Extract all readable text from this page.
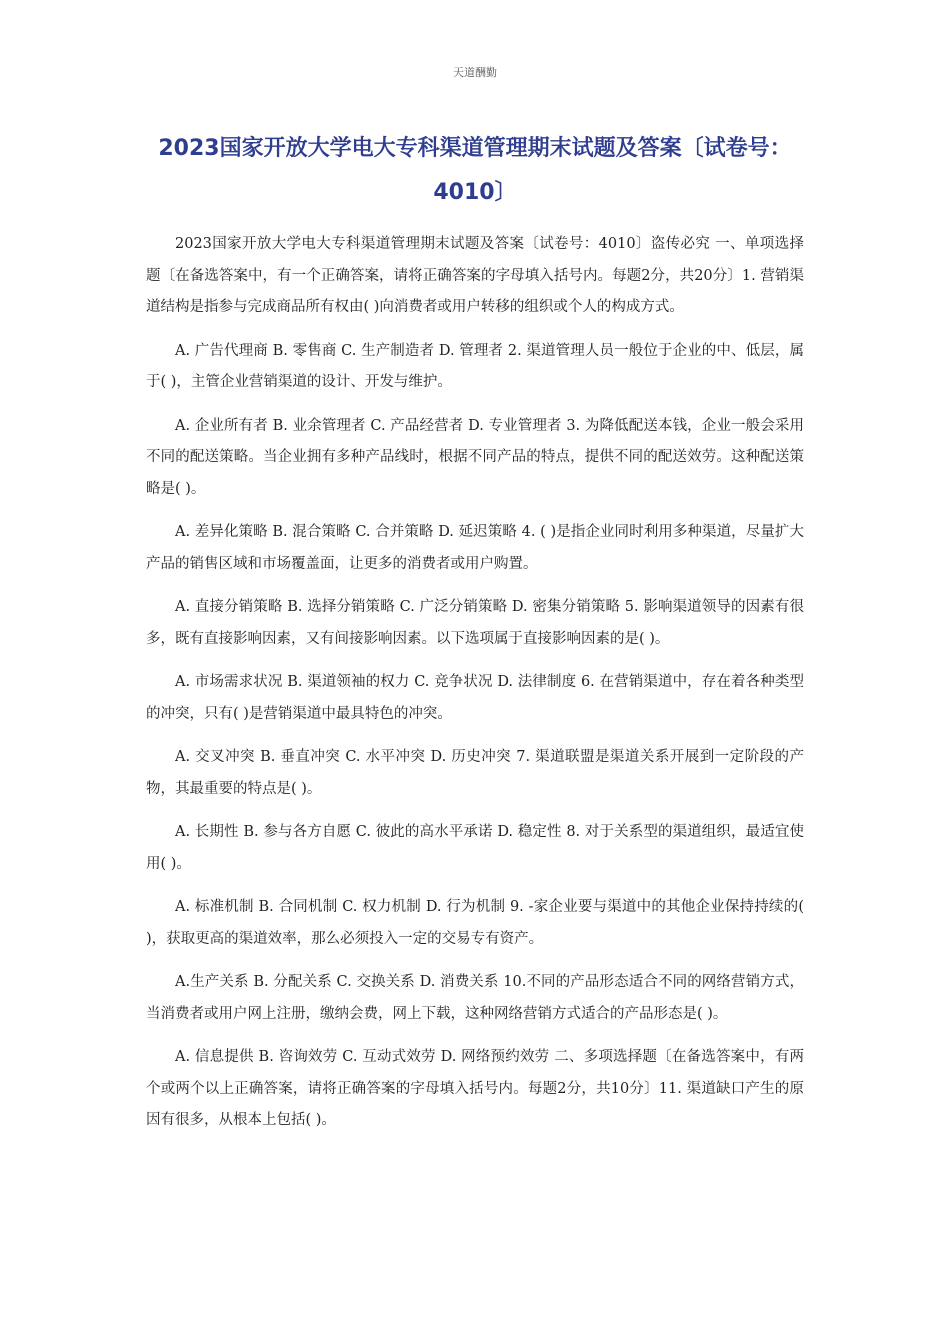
天道酬勤
2023国家开放大学电大专科渠道管理期末试题及答案〔试卷号：4010〕

2023国家开放大学电大专科渠道管理期末试题及答案〔试卷号：4010〕盗传必究 一、单项选择题〔在备选答案中，有一个正确答案，请将正确答案的字母填入括号内。每题2分，共20分〕1. 营销渠道结构是指参与完成商品所有权由( )向消费者或用户转移的组织或个人的构成方式。

A. 广告代理商 B. 零售商 C. 生产制造者 D. 管理者 2. 渠道管理人员一般位于企业的中、低层，属于( )，主管企业营销渠道的设计、开发与维护。

A. 企业所有者 B. 业余管理者 C. 产品经营者 D. 专业管理者 3. 为降低配送本钱，企业一般会采用不同的配送策略。当企业拥有多种产品线时，根据不同产品的特点，提供不同的配送效劳。这种配送策略是( )。

A. 差异化策略 B. 混合策略 C. 合并策略 D. 延迟策略 4. ( )是指企业同时利用多种渠道，尽量扩大产品的销售区域和市场覆盖面，让更多的消费者或用户购置。

A. 直接分销策略 B. 选择分销策略 C. 广泛分销策略 D. 密集分销策略 5. 影响渠道领导的因素有很多，既有直接影响因素，又有间接影响因素。以下选项属于直接影响因素的是( )。

A. 市场需求状况 B. 渠道领袖的权力 C. 竞争状况 D. 法律制度 6. 在营销渠道中，存在着各种类型的冲突，只有( )是营销渠道中最具特色的冲突。

A. 交叉冲突 B. 垂直冲突 C. 水平冲突 D. 历史冲突 7. 渠道联盟是渠道关系开展到一定阶段的产物，其最重要的特点是( )。

A. 长期性 B. 参与各方自愿 C. 彼此的高水平承诺 D. 稳定性 8. 对于关系型的渠道组织，最适宜使用( )。

A. 标准机制 B. 合同机制 C. 权力机制 D. 行为机制 9. -家企业要与渠道中的其他企业保持持续的( )，获取更高的渠道效率，那么必须投入一定的交易专有资产。

A.生产关系 B. 分配关系 C. 交换关系 D. 消费关系 10.不同的产品形态适合不同的网络营销方式，当消费者或用户网上注册，缴纳会费，网上下载，这种网络营销方式适合的产品形态是( )。

A. 信息提供 B. 咨询效劳 C. 互动式效劳 D. 网络预约效劳 二、多项选择题〔在备选答案中，有两个或两个以上正确答案，请将正确答案的字母填入括号内。每题2分，共10分〕11. 渠道缺口产生的原因有很多，从根本上包括( )。
